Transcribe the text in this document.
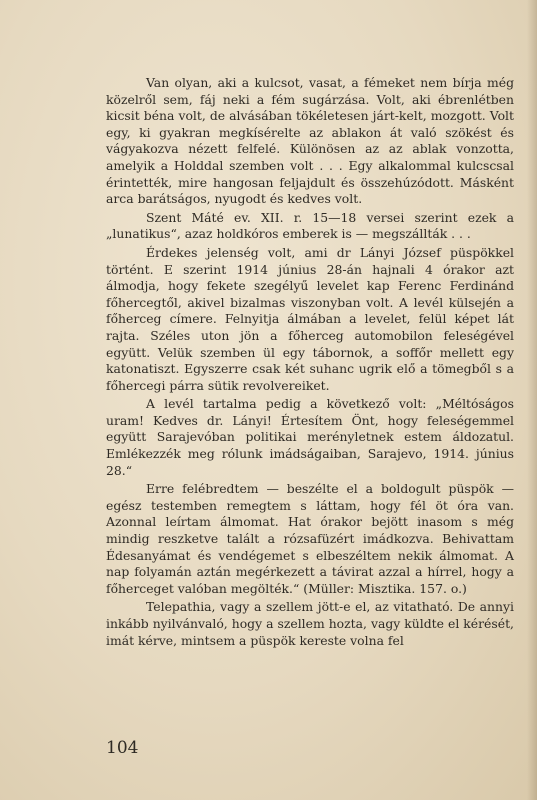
Van olyan, aki a kulcsot, vasat, a fémeket nem bírja még közelről sem, fáj neki a fém sugárzása. Volt, aki ébrenlétben kicsit béna volt, de alvásában tökéletesen járt-kelt, mozgott. Volt egy, ki gyakran megkísérelte az ablakon át való szökést és vágyakozva nézett felfelé. Különösen az az ablak vonzotta, amelyik a Holddal szemben volt . . . Egy alkalommal kulcscsal érintették, mire hangosan feljajdult és összehúzódott. Másként arca barátságos, nyugodt és kedves volt.

Szent Máté ev. XII. r. 15—18 versei szerint ezek a „lunatikus“, azaz holdkóros emberek is — megszállták . . .

Érdekes jelenség volt, ami dr Lányi József püspökkel történt. E szerint 1914 június 28-án hajnali 4 órakor azt álmodja, hogy fekete szegélyű levelet kap Ferenc Ferdinánd főhercegtől, akivel bizalmas viszonyban volt. A levél külsején a főherceg címere. Felnyitja álmában a levelet, felül képet lát rajta. Széles uton jön a főherceg automobilon feleségével együtt. Velük szemben ül egy tábornok, a soffőr mellett egy katonatiszt. Egyszerre csak két suhanc ugrik elő a tömegből s a főhercegi párra sütik revolvereiket.

A levél tartalma pedig a következő volt: „Méltóságos uram! Kedves dr. Lányi! Értesítem Önt, hogy feleségemmel együtt Sarajevóban politikai merényletnek estem áldozatul. Emlékezzék meg rólunk imádságaiban, Sarajevo, 1914. június 28.“

Erre felébredtem — beszélte el a boldogult püspök — egész testemben remegtem s láttam, hogy fél öt óra van. Azonnal leírtam álmomat. Hat órakor bejött inasom s még mindig reszketve talált a rózsafüzért imádkozva. Behivattam Édesanyámat és vendégemet s elbeszéltem nekik álmomat. A nap folyamán aztán megérkezett a távirat azzal a hírrel, hogy a főherceget valóban megölték.“ (Müller: Misztika. 157. o.)

Telepathia, vagy a szellem jött-e el, az vitatható. De annyi inkább nyilvánvaló, hogy a szellem hozta, vagy küldte el kérését, imát kérve, mintsem a püspök kereste volna fel

104
